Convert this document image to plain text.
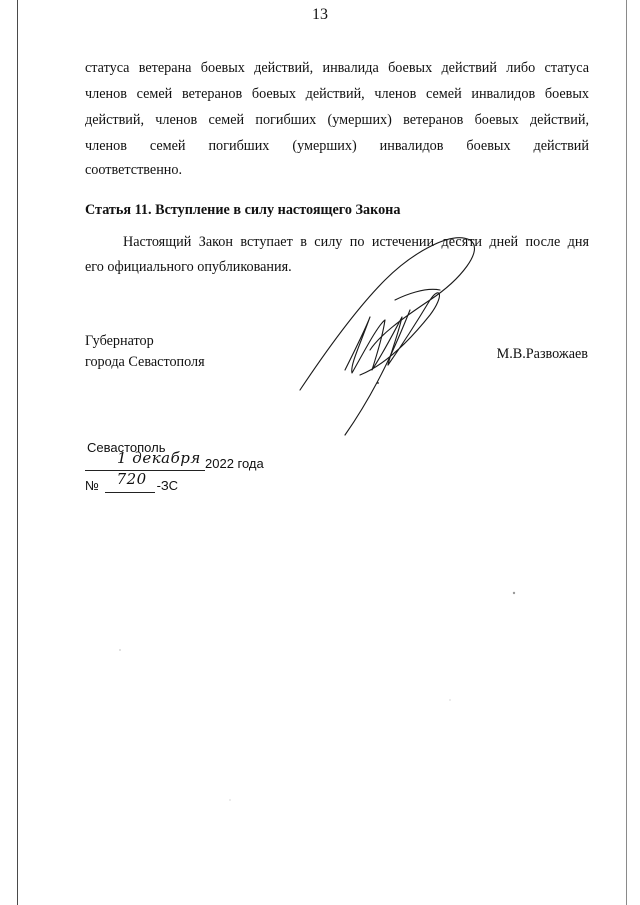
13
статуса ветерана боевых действий, инвалида боевых действий либо статуса
членов семей ветеранов боевых действий, членов семей инвалидов боевых
действий, членов семей погибших (умерших) ветеранов боевых действий,
членов семей погибших (умерших) инвалидов боевых действий
соответственно.
Статья 11. Вступление в силу настоящего Закона
Настоящий Закон вступает в силу по истечении десяти дней после дня
его официального опубликования.
Губернатор
города Севастополя	М.В.Развожаев
Севастополь
1 декабря 2022 года
№ 720 -ЗС
